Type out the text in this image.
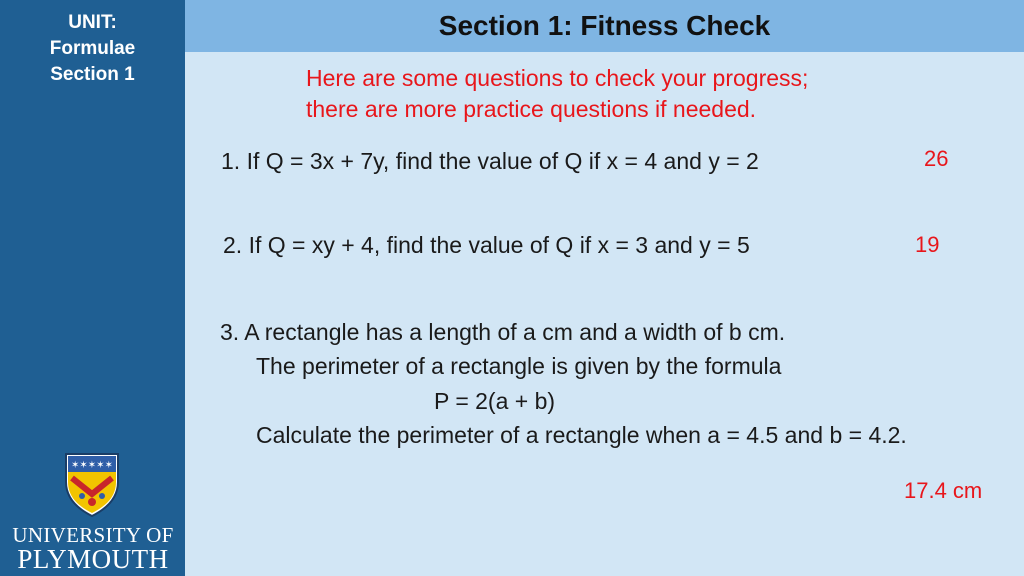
UNIT:
Formulae
Section 1
✶✶✶✶✶
UNIVERSITY OF
PLYMOUTH
Section 1: Fitness Check
Here are some questions to check your progress;
there are more practice questions if needed.
1. If Q = 3x + 7y, find the value of Q if x = 4 and y = 2	26
2. If Q = xy + 4, find the value of Q if x = 3 and y = 5	19
3. A rectangle has a length of a cm and a width of b cm.
The perimeter of a rectangle is given by the formula
P = 2(a + b)
Calculate the perimeter of a rectangle when a = 4.5 and b = 4.2.
17.4 cm
